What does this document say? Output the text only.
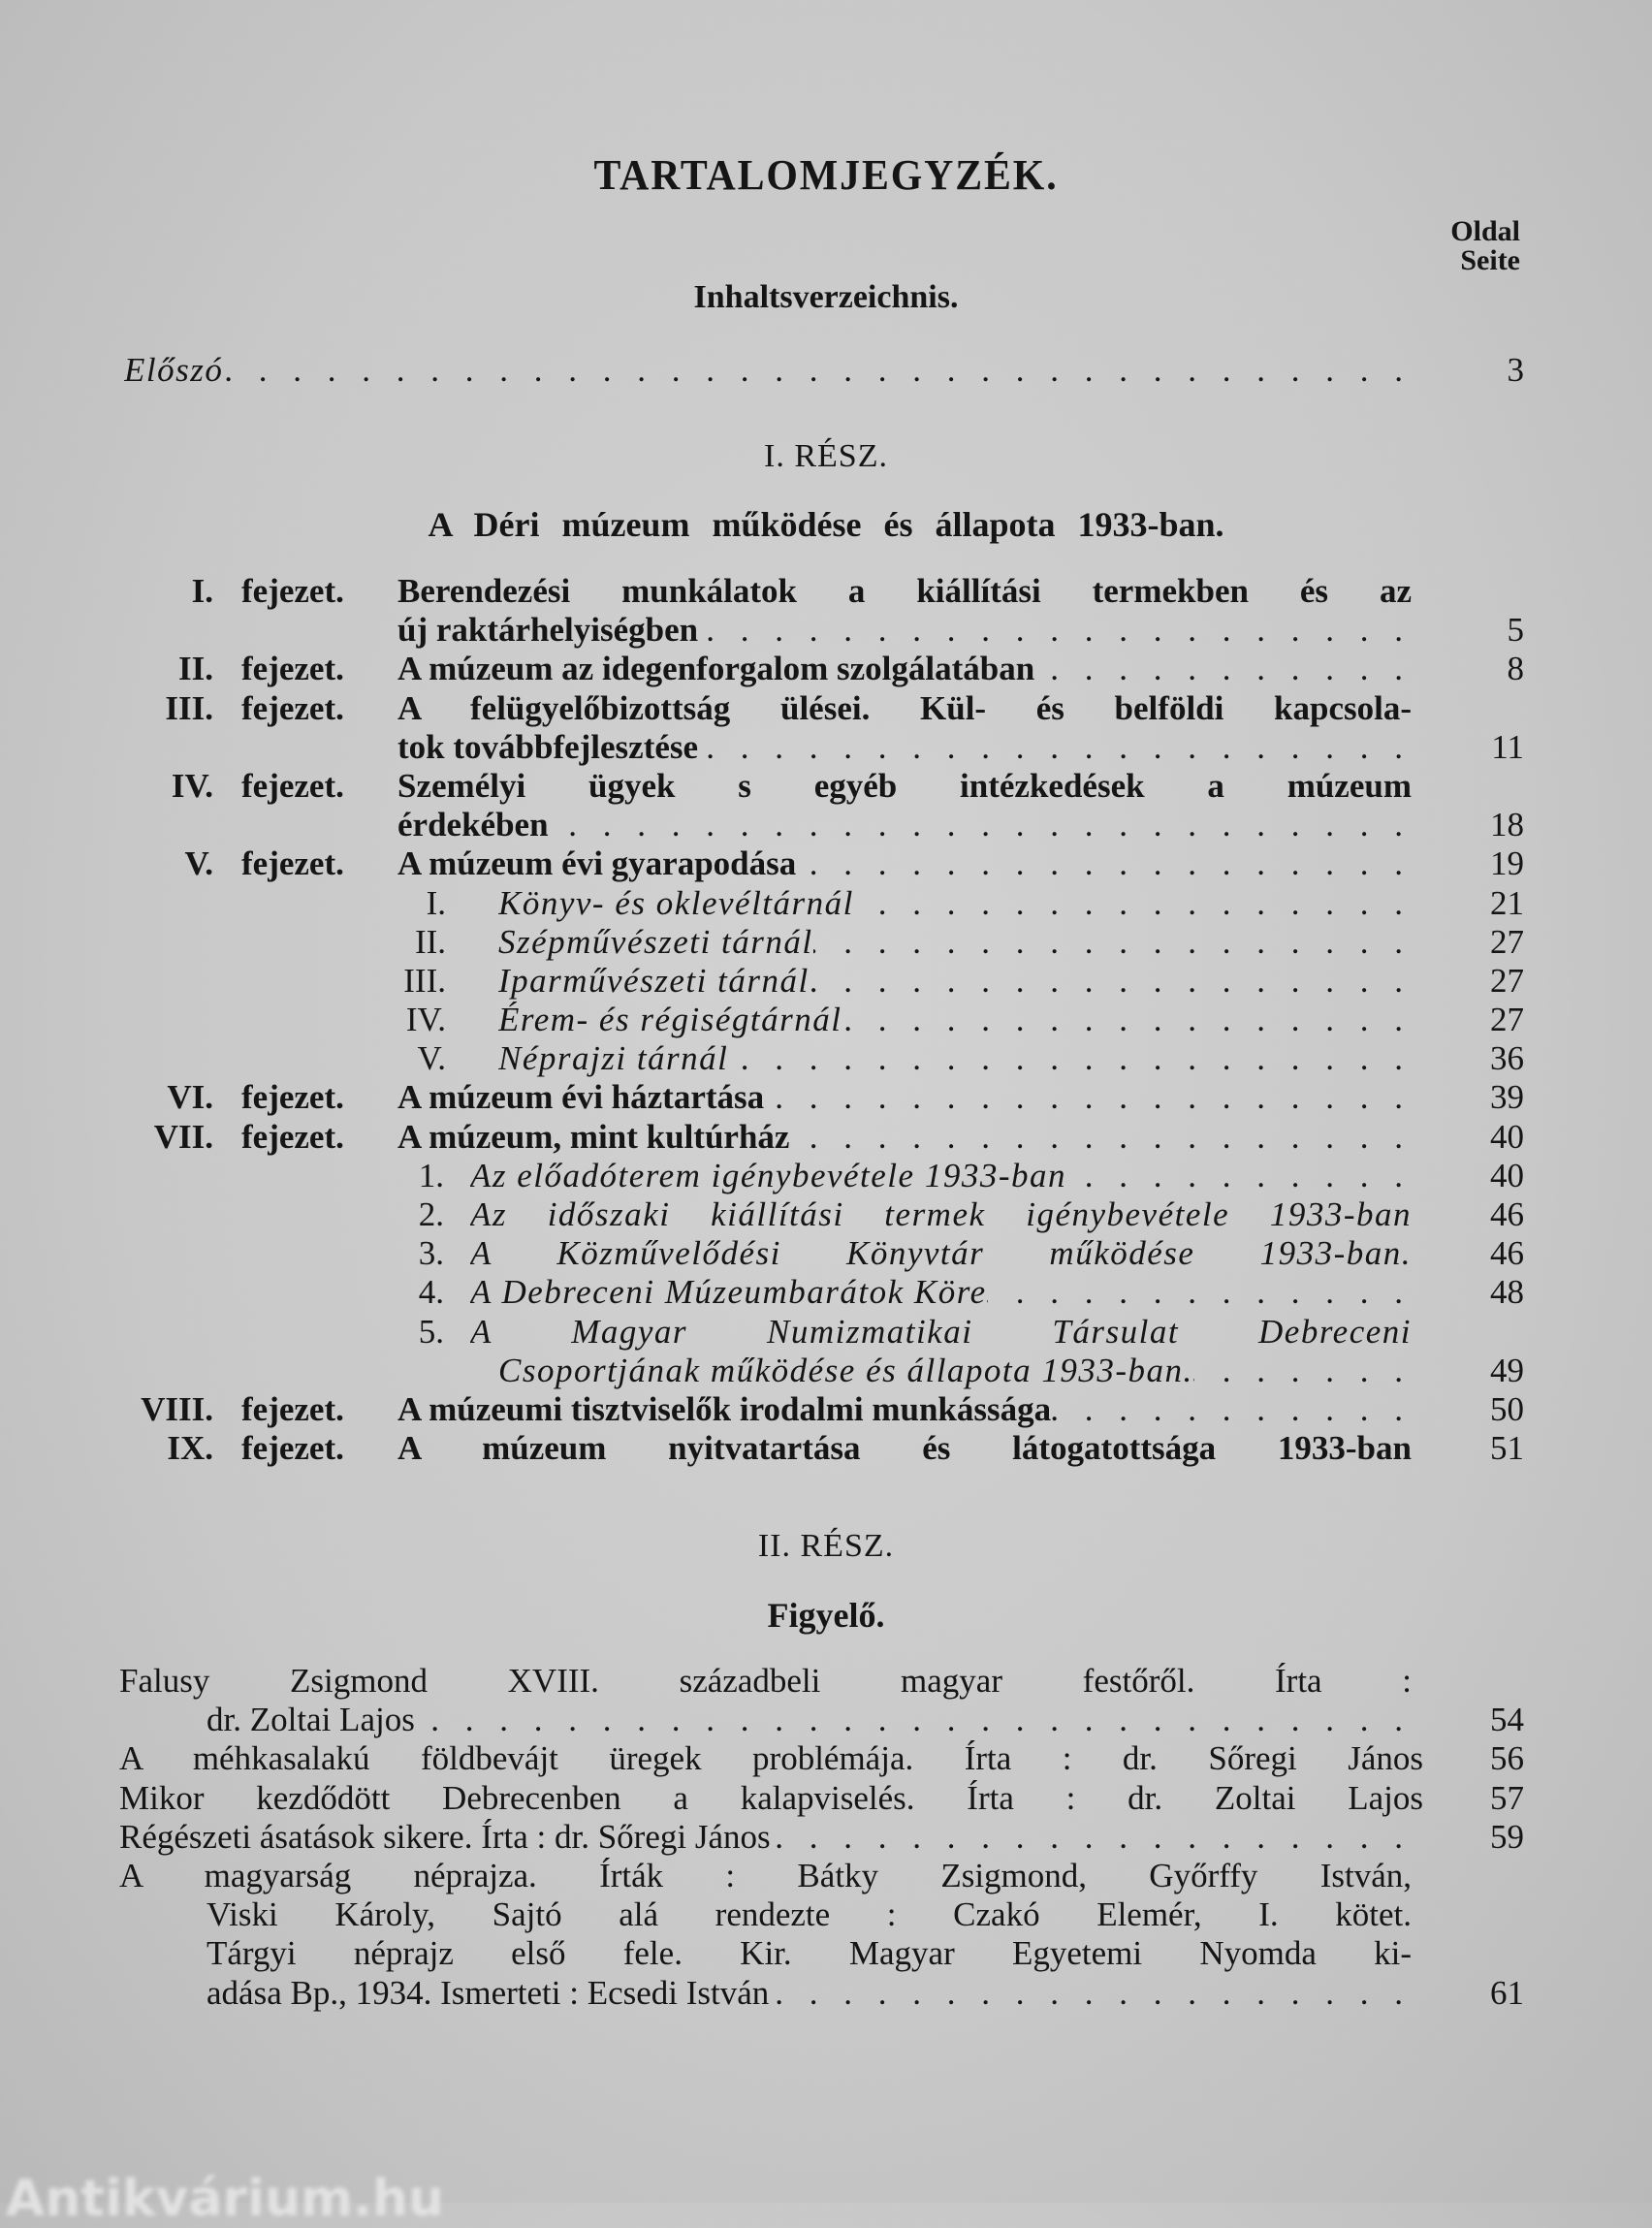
TARTALOMJEGYZÉK.
Oldal
Seite
Inhaltsverzeichnis.
Előszó . . .	3
I. RÉSZ.
A Déri múzeum működése és állapota 1933-ban.
I. fejezet. Berendezési munkálatok a kiállítási termekben és az
új raktárhelyiségben . . .	5
II. fejezet. A múzeum az idegenforgalom szolgálatában . . .	8
III. fejezet. A felügyelőbizottság ülései. Kül- és belföldi kapcsola-
tok továbbfejlesztése . . .	11
IV. fejezet. Személyi ügyek s egyéb intézkedések a múzeum
érdekében . . .	18
V. fejezet. A múzeum évi gyarapodása . . .	19
I. Könyv- és oklevéltárnál . . .	21
II. Szépművészeti tárnál . . .	27
III. Iparművészeti tárnál . . .	27
IV. Érem- és régiségtárnál . . .	27
V. Néprajzi tárnál . . .	36
VI. fejezet. A múzeum évi háztartása . . .	39
VII. fejezet. A múzeum, mint kultúrház . . .	40
1. Az előadóterem igénybevétele 1933-ban . . .	40
2. Az időszaki kiállítási termek igénybevétele 1933-ban 46
3. A Közművelődési Könyvtár működése 1933-ban. 46
4. A Debreceni Múzeumbarátok Köre . . .	48
5. A Magyar Numizmatikai Társulat Debreceni
Csoportjának működése és állapota 1933-ban. . . .	49
VIII. fejezet. A múzeumi tisztviselők irodalmi munkássága . . .	50
IX. fejezet. A múzeum nyitvatartása és látogatottsága 1933-ban 51
II. RÉSZ.
Figyelő.
Falusy Zsigmond XVIII. századbeli magyar festőről. Írta :
dr. Zoltai Lajos . . .	54
A méhkasalakú földbevájt üregek problémája. Írta : dr. Sőregi János 56
Mikor kezdődött Debrecenben a kalapviselés. Írta : dr. Zoltai Lajos 57
Régészeti ásatások sikere. Írta : dr. Sőregi János . . .	59
A magyarság néprajza. Írták : Bátky Zsigmond, Győrffy István,
Viski Károly, Sajtó alá rendezte : Czakó Elemér, I. kötet.
Tárgyi néprajz első fele. Kir. Magyar Egyetemi Nyomda ki-
adása Bp., 1934. Ismerteti : Ecsedi István . . .	61
Antikvárium.hu
